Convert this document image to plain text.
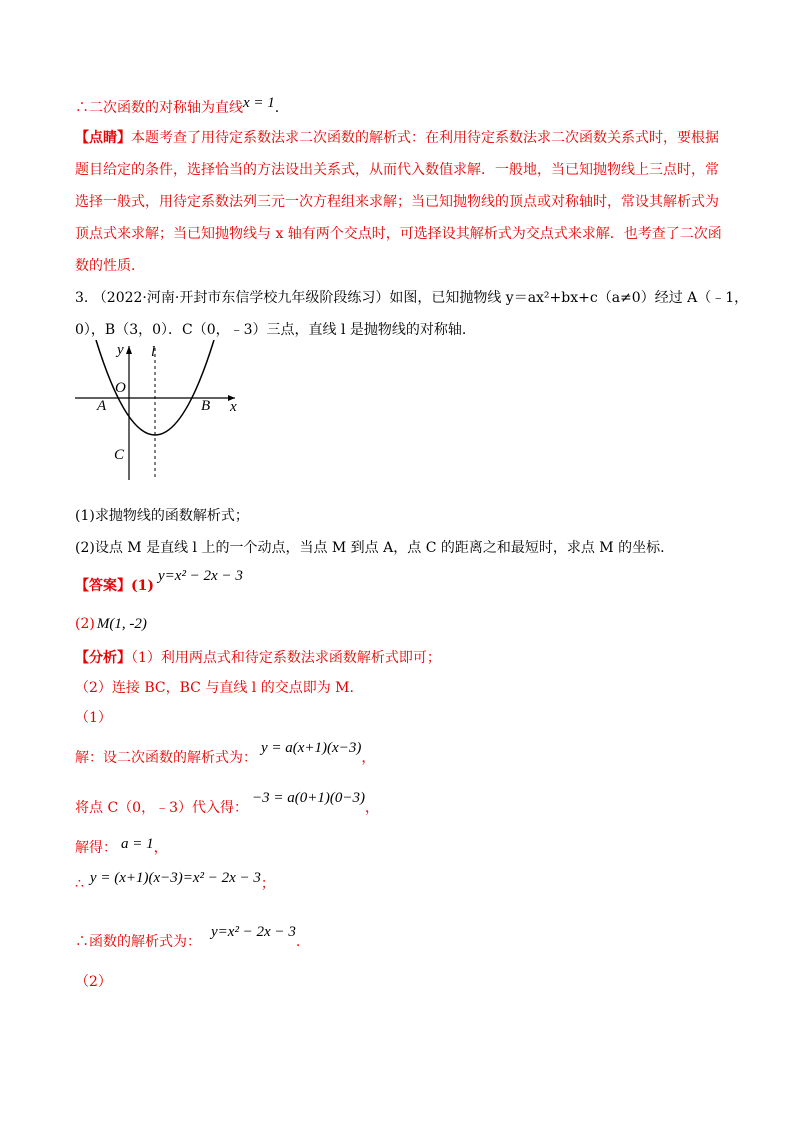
∴二次函数的对称轴为直线x = 1.
【点睛】本题考查了用待定系数法求二次函数的解析式：在利用待定系数法求二次函数关系式时，要根据
题目给定的条件，选择恰当的方法设出关系式，从而代入数值求解．一般地，当已知抛物线上三点时，常
选择一般式，用待定系数法列三元一次方程组来求解；当已知抛物线的顶点或对称轴时，常设其解析式为
顶点式来求解；当已知抛物线与 x 轴有两个交点时，可选择设其解析式为交点式来求解．也考查了二次函
数的性质．
3. （2022·河南·开封市东信学校九年级阶段练习）如图，已知抛物线 y＝ax²+bx+c（a≠0）经过 A（﹣1，
0），B（3，0）．C（0，﹣3）三点，直线 l 是抛物线的对称轴.
y l
O
A	B x
C
(1)求抛物线的函数解析式；
(2)设点 M 是直线 l 上的一个动点，当点 M 到点 A，点 C 的距离之和最短时，求点 M 的坐标.
【答案】(1)y=x² − 2x − 3
(2) M(1, -2)
【分析】（1）利用两点式和待定系数法求函数解析式即可；
（2）连接 BC，BC 与直线 l 的交点即为 M.
（1）
解：设二次函数的解析式为：y = a(x+1)(x−3)，
将点 C（0，﹣3）代入得：−3 = a(0+1)(0−3)，
解得： a = 1，
∴ y = (x+1)(x−3)=x² − 2x − 3；
∴函数的解析式为：y=x² − 2x − 3.
（2）
